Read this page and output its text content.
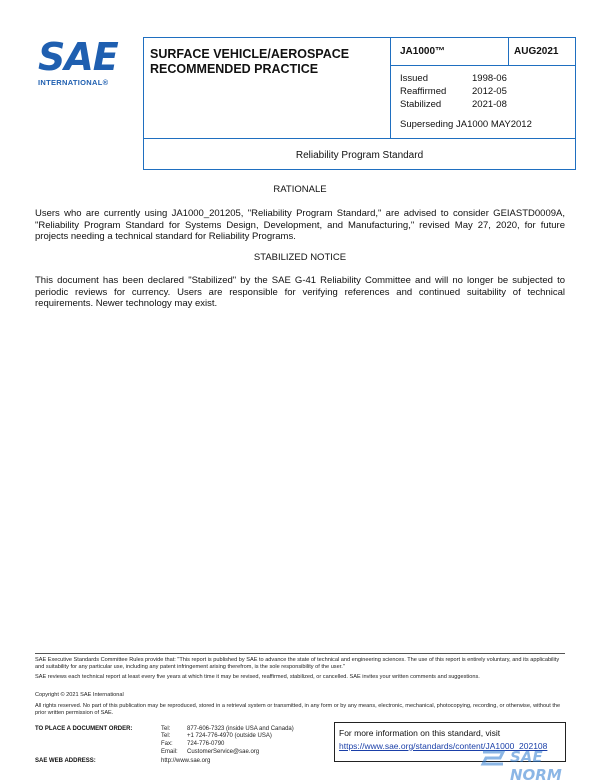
SAE
INTERNATIONAL®
SURFACE VEHICLE/AEROSPACE RECOMMENDED PRACTICE
JA1000™	AUG2021
Issued	1998-06
Reaffirmed	2012-05
Stabilized	2021-08
Superseding JA1000 MAY2012
Reliability Program Standard
RATIONALE
Users who are currently using JA1000_201205, "Reliability Program Standard," are advised to consider GEIASTD0009A, "Reliability Program Standard for Systems Design, Development, and Manufacturing," revised May 27, 2020, for future projects needing a technical standard for Reliability Programs.
STABILIZED NOTICE
This document has been declared "Stabilized" by the SAE G-41 Reliability Committee and will no longer be subjected to periodic reviews for currency. Users are responsible for verifying references and continued suitability of technical requirements. Newer technology may exist.
SAE Executive Standards Committee Rules provide that: "This report is published by SAE to advance the state of technical and engineering sciences. The use of this report is entirely voluntary, and its applicability and suitability for any particular use, including any patent infringement arising therefrom, is the sole responsibility of the user."
SAE reviews each technical report at least every five years at which time it may be revised, reaffirmed, stabilized, or cancelled. SAE invites your written comments and suggestions.
Copyright © 2021 SAE International
All rights reserved. No part of this publication may be reproduced, stored in a retrieval system or transmitted, in any form or by any means, electronic, mechanical, photocopying, recording, or otherwise, without the prior written permission of SAE.
TO PLACE A DOCUMENT ORDER:	Tel:	877-606-7323 (inside USA and Canada)
Tel:	+1 724-776-4970 (outside USA)
Fax: 724-776-0790
Email: CustomerService@sae.org
SAE WEB ADDRESS:	http://www.sae.org
For more information on this standard, visit
https://www.sae.org/standards/content/JA1000_202108
SAE NORM
